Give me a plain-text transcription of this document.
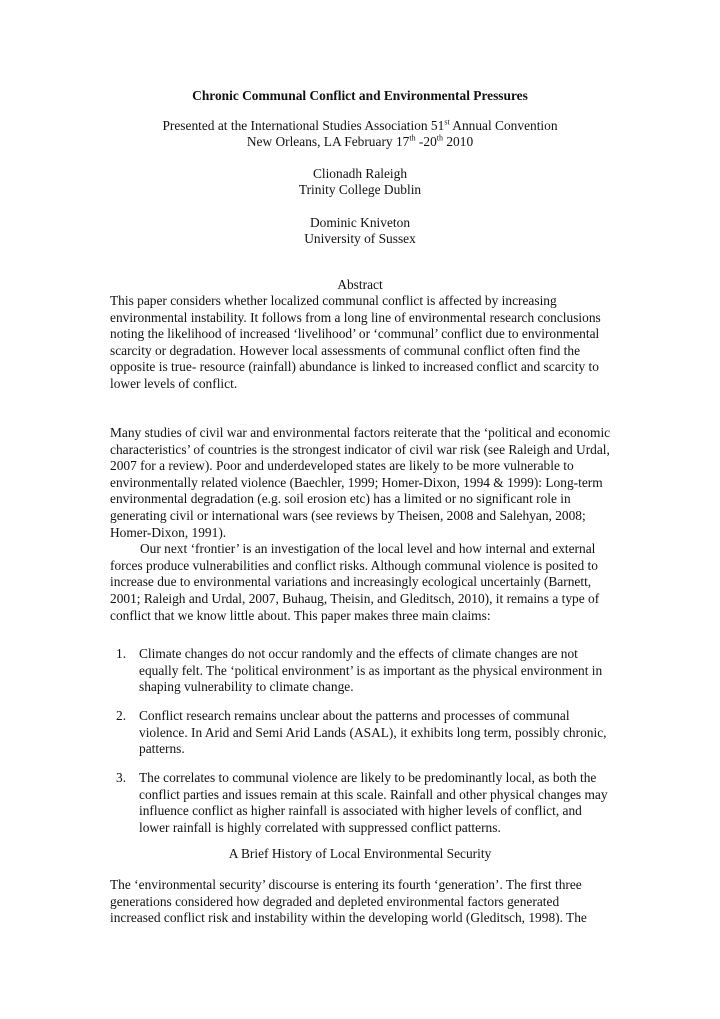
Chronic Communal Conflict and Environmental Pressures

Presented at the International Studies Association 51st Annual Convention

New Orleans, LA February 17th -20th 2010

Clionadh Raleigh

Trinity College Dublin

Dominic Kniveton

University of Sussex

Abstract

This paper considers whether localized communal conflict is affected by increasing environmental instability. It follows from a long line of environmental research conclusions noting the likelihood of increased ‘livelihood’ or ‘communal’ conflict due to environmental scarcity or degradation. However local assessments of communal conflict often find the opposite is true- resource (rainfall) abundance is linked to increased conflict and scarcity to lower levels of conflict.

Many studies of civil war and environmental factors reiterate that the ‘political and economic characteristics’ of countries is the strongest indicator of civil war risk (see Raleigh and Urdal, 2007 for a review). Poor and underdeveloped states are likely to be more vulnerable to environmentally related violence (Baechler, 1999; Homer-Dixon, 1994 & 1999): Long-term environmental degradation (e.g. soil erosion etc) has a limited or no significant role in generating civil or international wars (see reviews by Theisen, 2008 and Salehyan, 2008; Homer-Dixon, 1991).

Our next ‘frontier’ is an investigation of the local level and how internal and external forces produce vulnerabilities and conflict risks. Although communal violence is posited to increase due to environmental variations and increasingly ecological uncertainly (Barnett, 2001; Raleigh and Urdal, 2007, Buhaug, Theisin, and Gleditsch, 2010), it remains a type of conflict that we know little about. This paper makes three main claims:

1. Climate changes do not occur randomly and the effects of climate changes are not equally felt. The ‘political environment’ is as important as the physical environment in shaping vulnerability to climate change.
2. Conflict research remains unclear about the patterns and processes of communal violence. In Arid and Semi Arid Lands (ASAL), it exhibits long term, possibly chronic, patterns.
3. The correlates to communal violence are likely to be predominantly local, as both the conflict parties and issues remain at this scale. Rainfall and other physical changes may influence conflict as higher rainfall is associated with higher levels of conflict, and lower rainfall is highly correlated with suppressed conflict patterns.

A Brief History of Local Environmental Security

The ‘environmental security’ discourse is entering its fourth ‘generation’. The first three generations considered how degraded and depleted environmental factors generated increased conflict risk and instability within the developing world (Gleditsch, 1998). The
